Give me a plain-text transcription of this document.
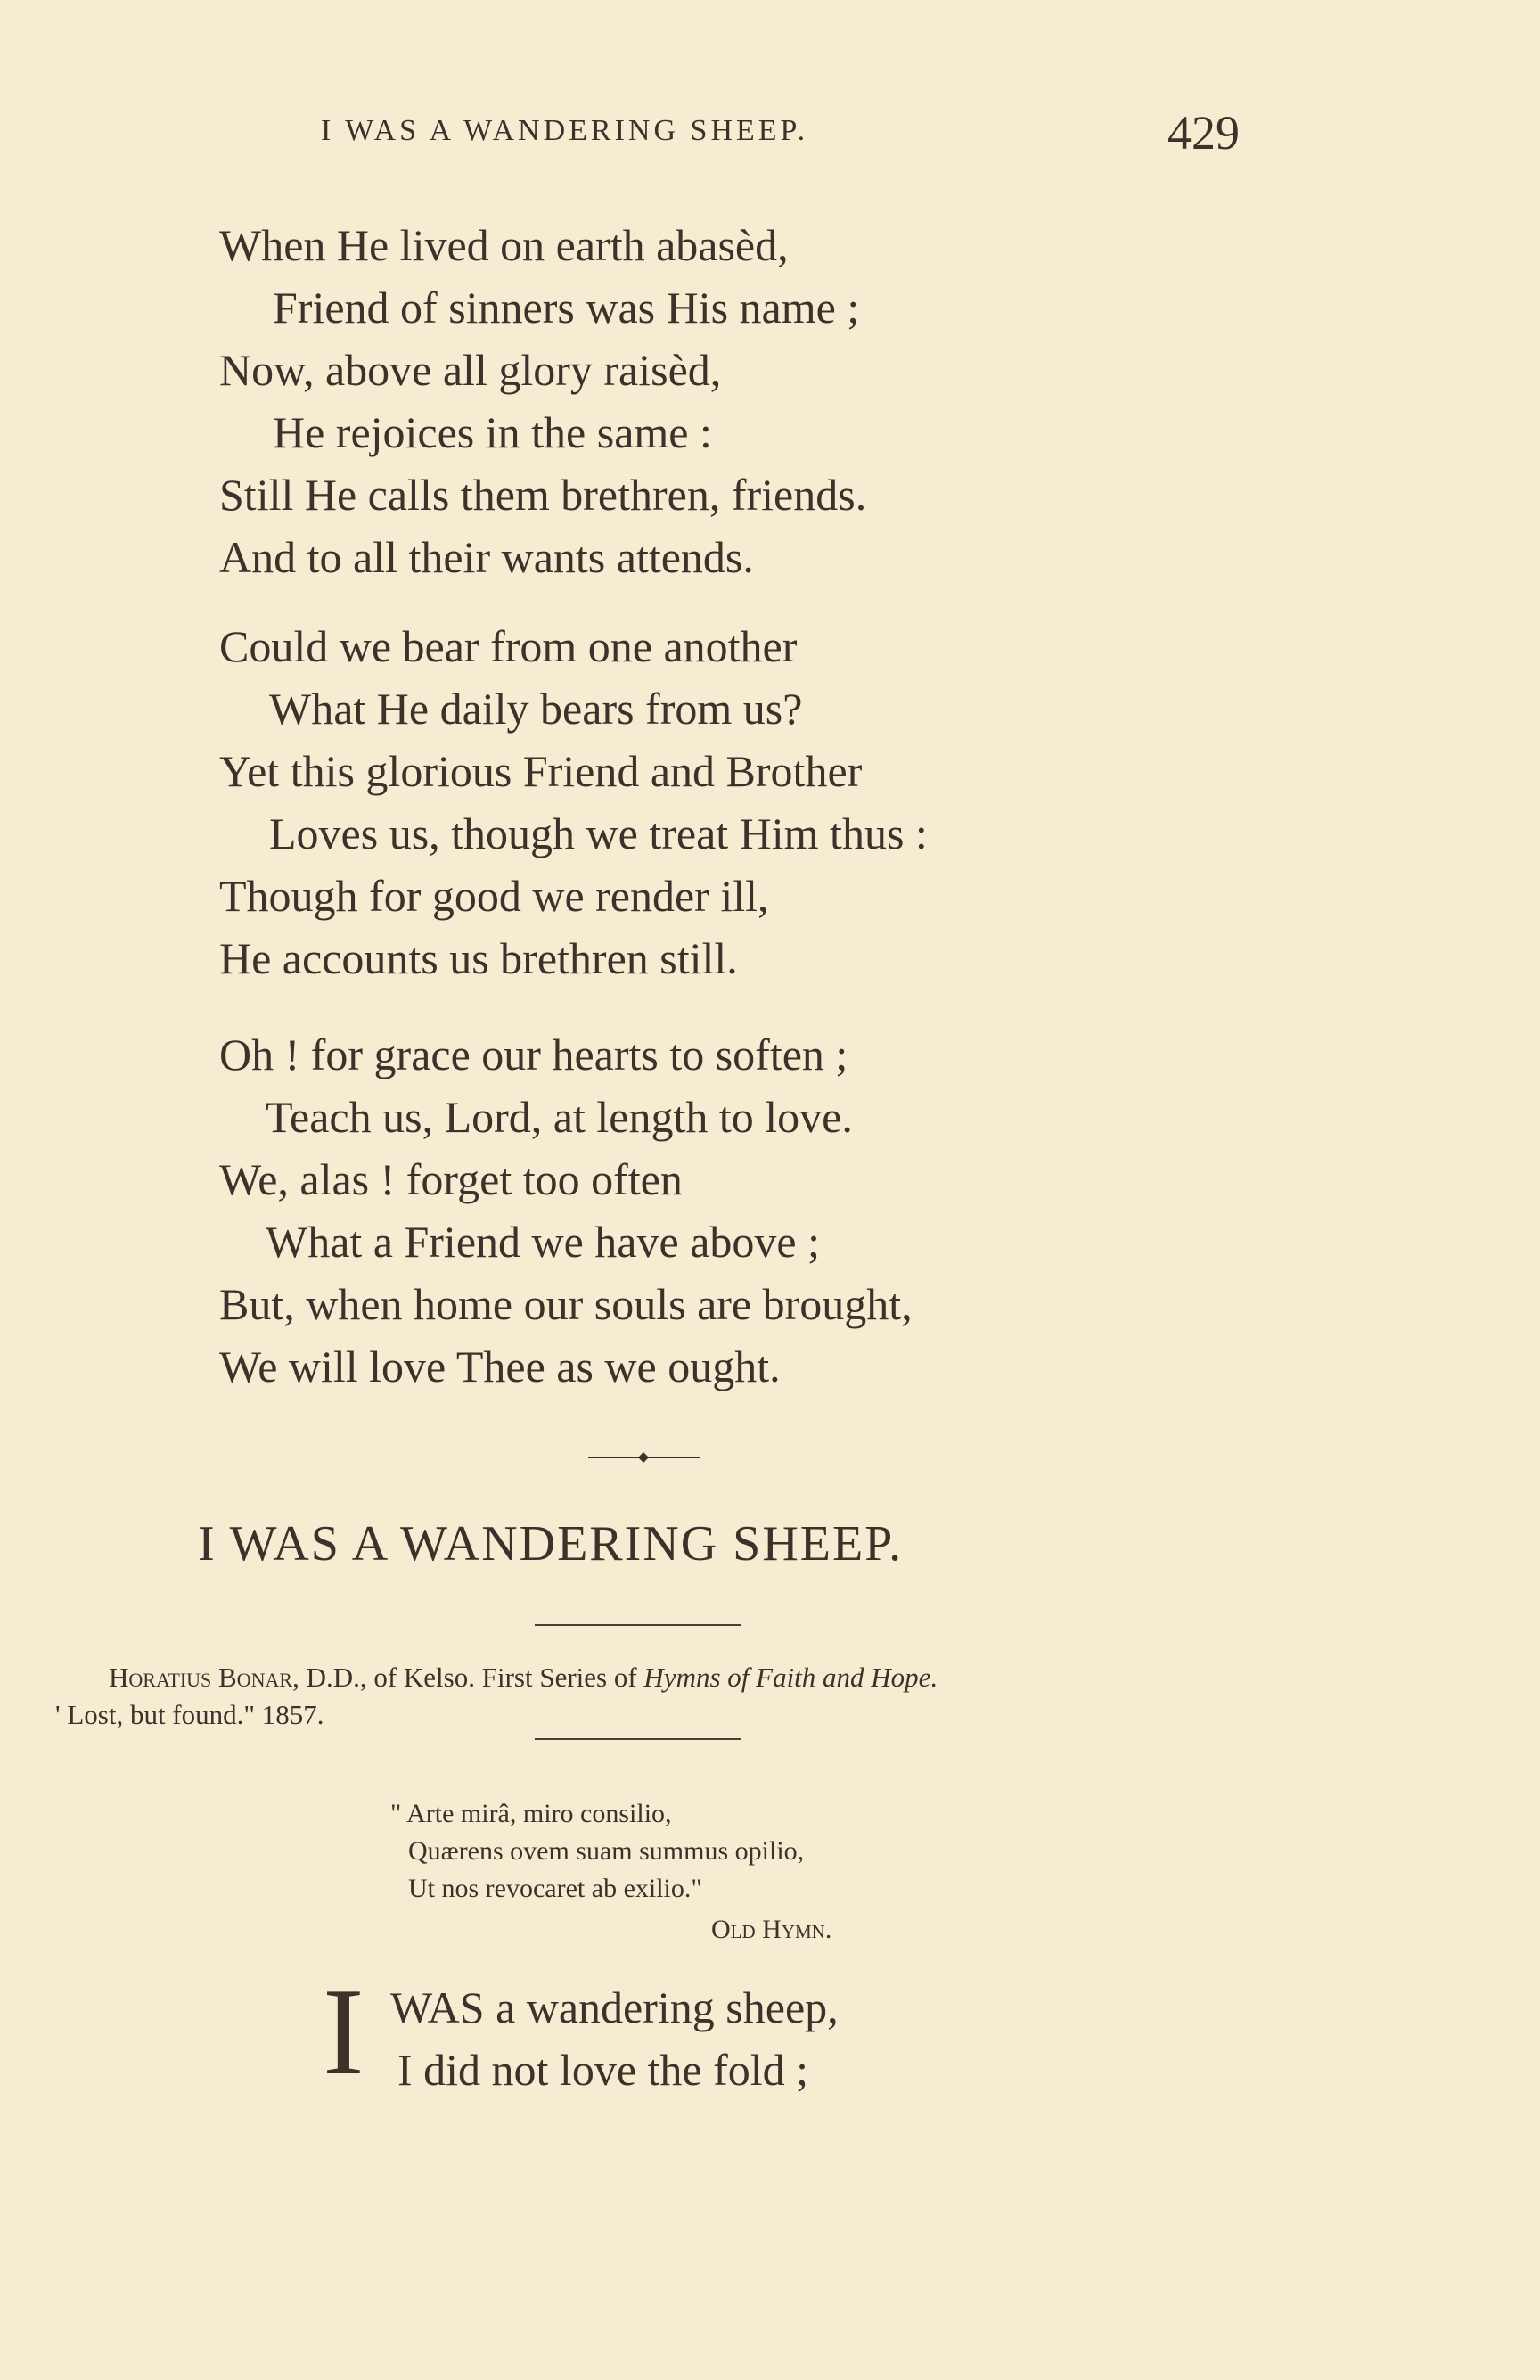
I WAS A WANDERING SHEEP.	429
When He lived on earth abasèd,
Friend of sinners was His name ;
Now, above all glory raisèd,
He rejoices in the same :
Still He calls them brethren, friends.
And to all their wants attends.
Could we bear from one another
What He daily bears from us?
Yet this glorious Friend and Brother
Loves us, though we treat Him thus :
Though for good we render ill,
He accounts us brethren still.
Oh ! for grace our hearts to soften ;
Teach us, Lord, at length to love.
We, alas ! forget too often
What a Friend we have above ;
But, when home our souls are brought,
We will love Thee as we ought.
I WAS A WANDERING SHEEP.
Horatius Bonar, D.D., of Kelso. First Series of Hymns of Faith and Hope.
' Lost, but found." 1857.
" Arte mirâ, miro consilio,
Quærens ovem suam summus opilio,
Ut nos revocaret ab exilio."
Old Hymn.
I WAS a wandering sheep,
I did not love the fold ;
